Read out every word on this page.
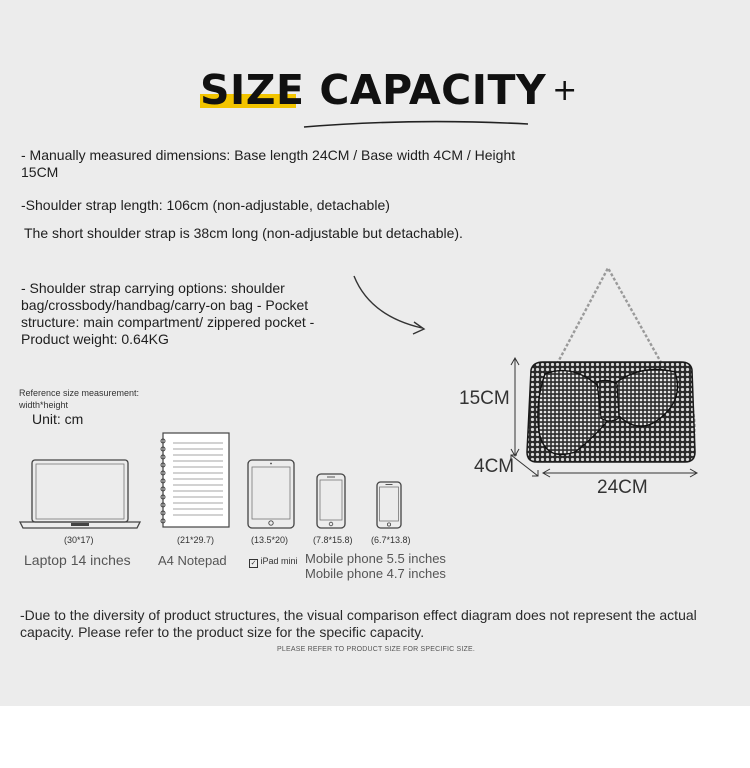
SIZE CAPACITY +
- Manually measured dimensions: Base length 24CM / Base width 4CM / Height 15CM
-Shoulder strap length: 106cm (non-adjustable, detachable)
The short shoulder strap is 38cm long (non-adjustable but detachable).
- Shoulder strap carrying options: shoulder bag/crossbody/handbag/carry-on bag - Pocket structure: main compartment/ zippered pocket - Product weight: 0.64KG
Reference size measurement:
width*height
Unit: cm
(30*17)	(21*29.7)	(13.5*20)	(7.8*15.8) (6.7*13.8)
Laptop 14 inches A4 Notepad	✓ iPad mini Mobile phone 5.5 inches
Mobile phone 4.7 inches
15CM
4CM
24CM
-Due to the diversity of product structures, the visual comparison effect diagram does not represent the actual capacity. Please refer to the product size for the specific capacity.
PLEASE REFER TO PRODUCT SIZE FOR SPECIFIC SIZE.
